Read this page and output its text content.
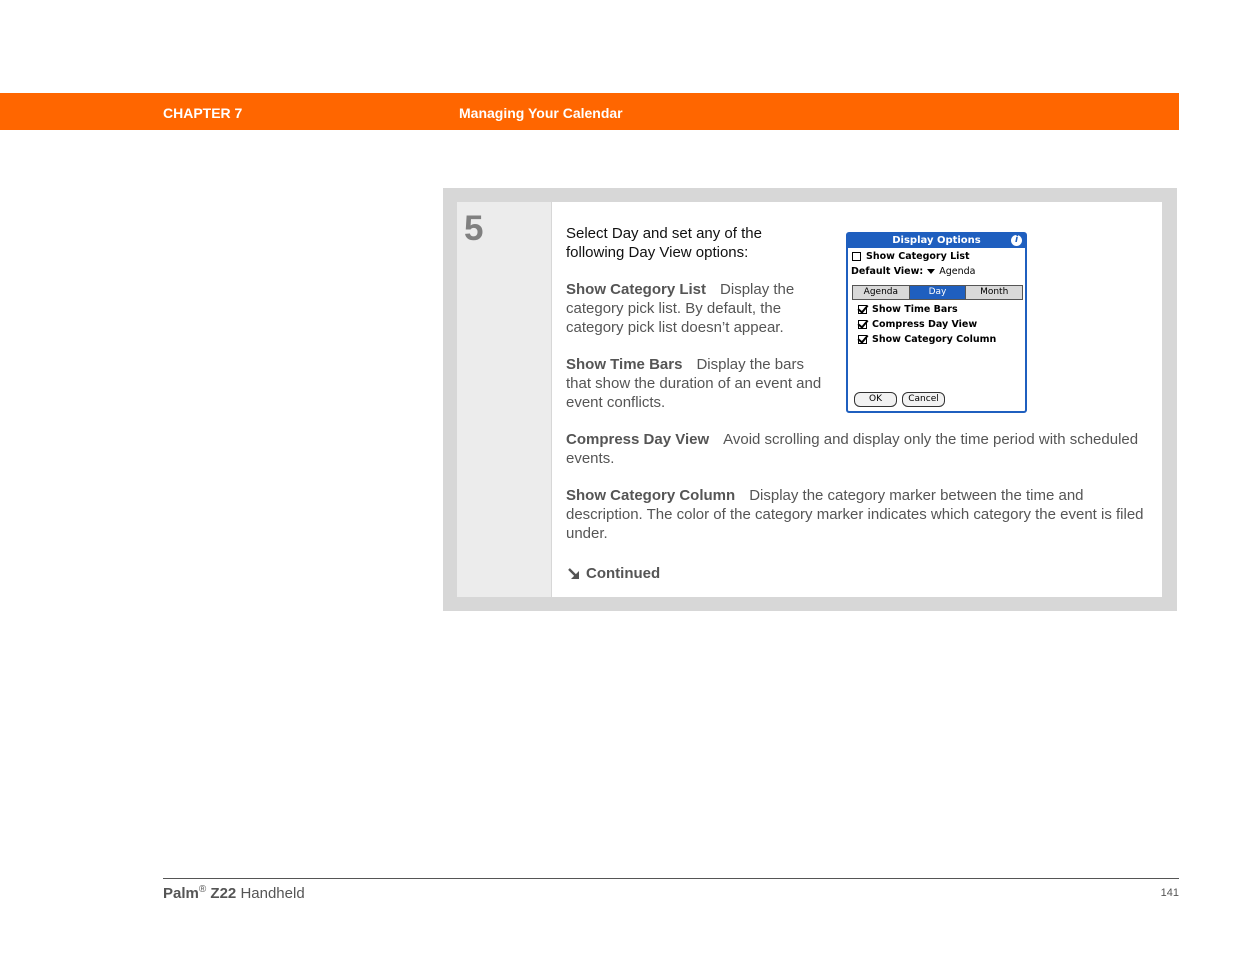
CHAPTER 7	Managing Your Calendar
5	Select Day and set any of the following Day View options:
Show Category List Display the category pick list. By default, the category pick list doesn’t appear.
Show Time Bars Display the bars that show the duration of an event and event conflicts.
Compress Day View Avoid scrolling and display only the time period with scheduled events.
Show Category Column Display the category marker between the time and description. The color of the category marker indicates which category the event is filed under.
Continued
Display Options	i
Show Category List
Default View: Agenda
Agenda	Day	Month
Show Time Bars
Compress Day View
Show Category Column
OK	Cancel
Palm® Z22 Handheld	141
